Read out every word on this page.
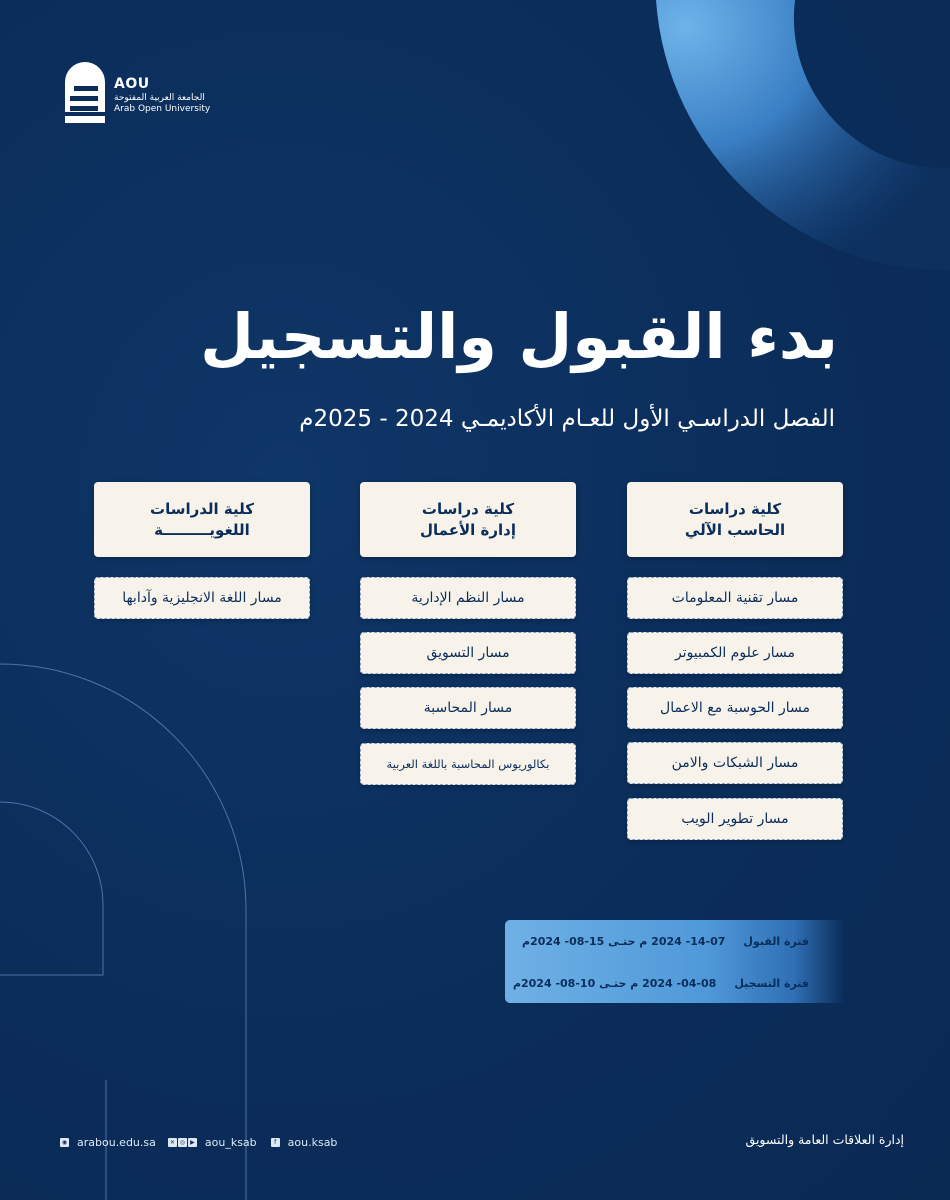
AOU
الجامعة العربية المفتوحة
Arab Open University
بدء القبول والتسجيل

الفصل الدراسـي الأول للعـام الأكاديمـي 2024 - 2025م

كلية دراسات
الحاسب الآلي
مسار تقنية المعلومات
مسار علوم الكمبيوتر
مسار الحوسبة مع الاعمال
مسار الشبكات والامن
مسار تطوير الويب
كلية دراسات
إدارة الأعمال
مسار النظم الإدارية
مسار التسويق
مسار المحاسبة
بكالوريوس المحاسبة باللغة العربية
كلية الدراسات
اللغويـــــــــة
مسار اللغة الانجليزية وآدابها
فترة القبول
14-07- 2024 م حتـى 15-08- 2024م
فترة التسجيل
04-08- 2024 م حتـى 10-08- 2024م
◉ arabou.edu.sa	✕ ◎ ▶ aou_ksab	f	aou.ksab	إدارة العلاقات العامة والتسويق
